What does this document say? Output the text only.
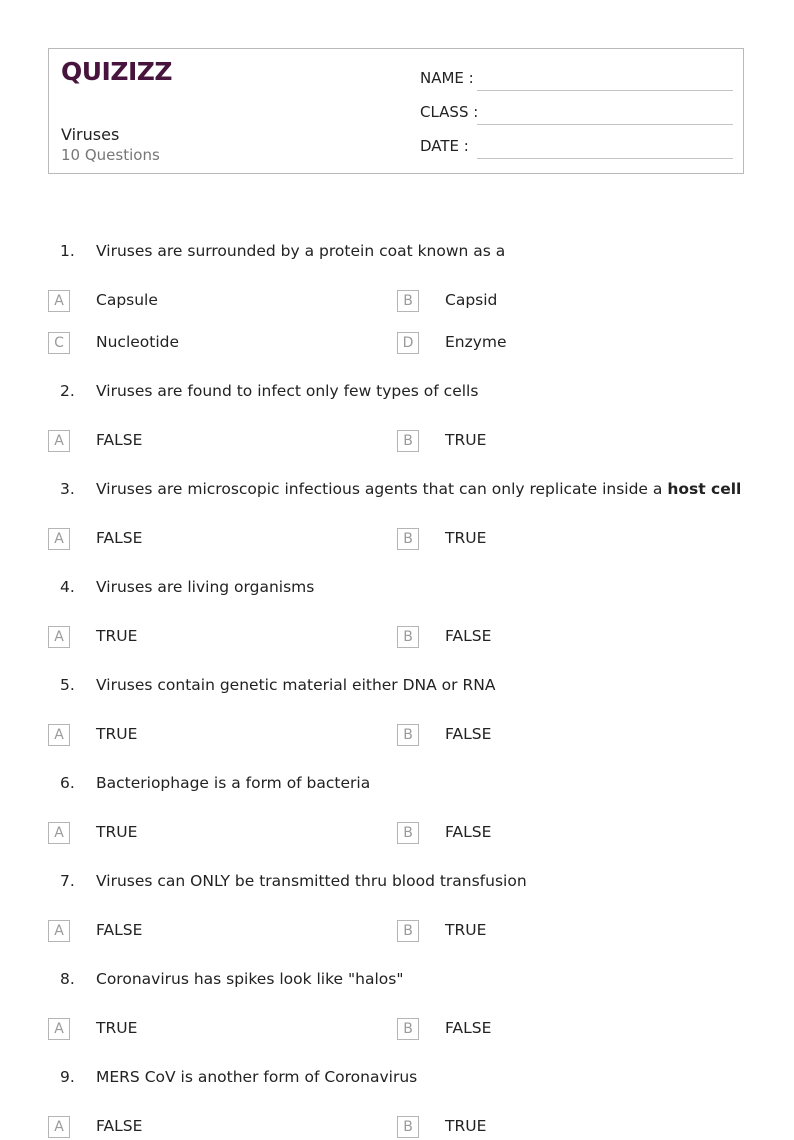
QUIZIZZ
Viruses
10 Questions
NAME :
CLASS :
DATE :
1. Viruses are surrounded by a protein coat known as a
A	Capsule	B	Capsid
C	Nucleotide	D	Enzyme
2. Viruses are found to infect only few types of cells
A	FALSE	B	TRUE
3. Viruses are microscopic infectious agents that can only replicate inside a host cell
A	FALSE	B	TRUE
4. Viruses are living organisms
A	TRUE	B	FALSE
5. Viruses contain genetic material either DNA or RNA
A	TRUE	B	FALSE
6. Bacteriophage is a form of bacteria
A	TRUE	B	FALSE
7. Viruses can ONLY be transmitted thru blood transfusion
A	FALSE	B	TRUE
8. Coronavirus has spikes look like "halos"
A	TRUE	B	FALSE
9. MERS CoV is another form of Coronavirus
A	FALSE	B	TRUE
